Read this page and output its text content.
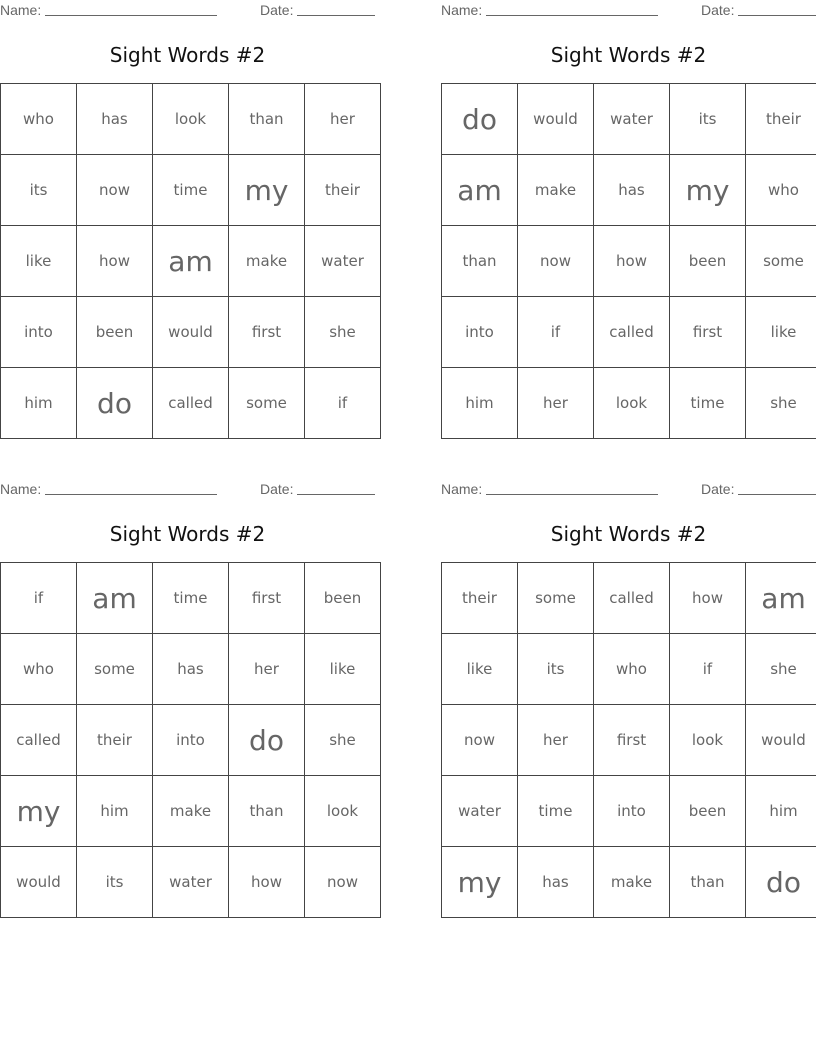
Name:	Date:
Sight Words #2
who	has	look	than	her
its	now	time	my	their
like	how	am	make	water
into	been	would	first	she
him	do	called	some	if
Name:	Date:
Sight Words #2
do	would	water	its	their
am	make	has	my	who
than	now	how	been	some
into	if	called	first	like
him	her	look	time	she
Name:	Date:
Sight Words #2
if	am	time	first	been
who	some	has	her	like
called	their	into	do	she
my	him	make	than	look
would	its	water	how	now
Name:	Date:
Sight Words #2
their	some	called	how	am
like	its	who	if	she
now	her	first	look	would
water	time	into	been	him
my	has	make	than	do
